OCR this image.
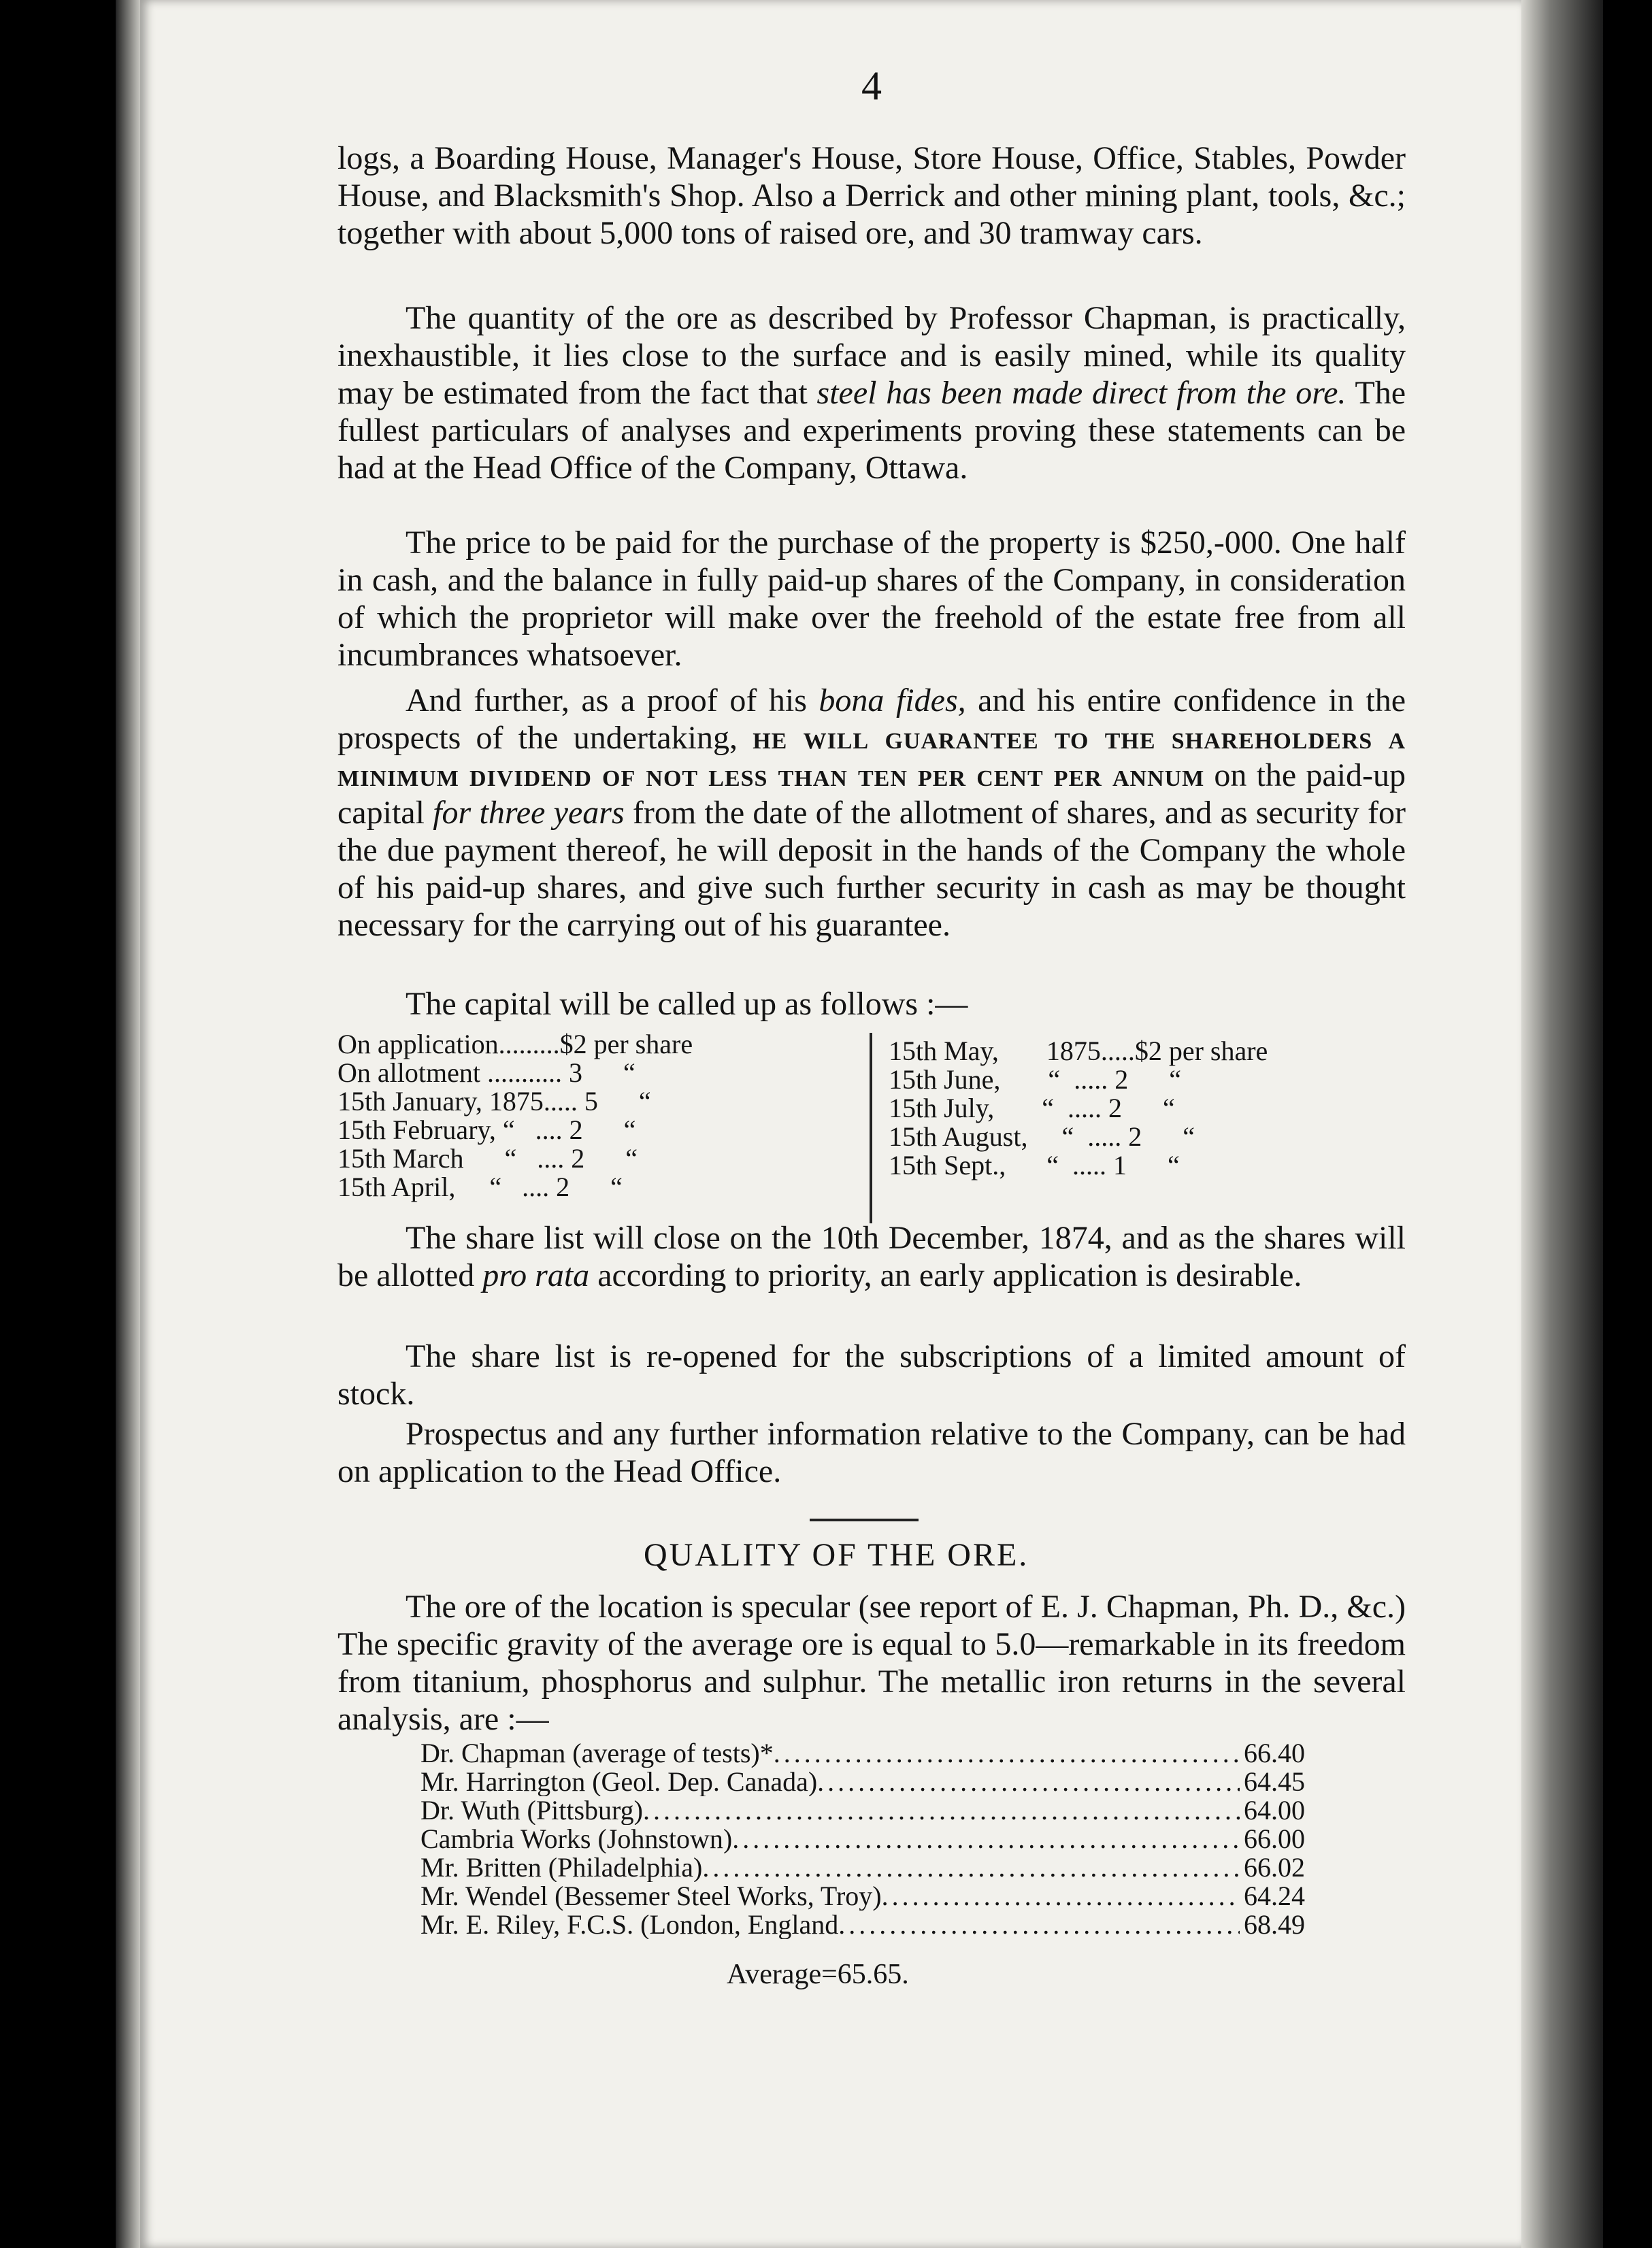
4
logs, a Boarding House, Manager's House, Store House, Office, Stables, Powder House, and Blacksmith's Shop. Also a Derrick and other mining plant, tools, &c.; together with about 5,000 tons of raised ore, and 30 tramway cars.
The quantity of the ore as described by Professor Chapman, is practically, inexhaustible, it lies close to the surface and is easily mined, while its quality may be estimated from the fact that steel has been made direct from the ore. The fullest particulars of analyses and experiments proving these statements can be had at the Head Office of the Company, Ottawa.
The price to be paid for the purchase of the property is $250,-000. One half in cash, and the balance in fully paid-up shares of the Company, in consideration of which the proprietor will make over the freehold of the estate free from all incumbrances whatsoever.
And further, as a proof of his bona fides, and his entire confidence in the prospects of the undertaking, he will guarantee to the shareholders a minimum dividend of not less than ten per cent per annum on the paid-up capital for three years from the date of the allotment of shares, and as security for the due payment thereof, he will deposit in the hands of the Company the whole of his paid-up shares, and give such further security in cash as may be thought necessary for the carrying out of his guarantee.
The capital will be called up as follows :—
On application.........$2 per share
On allotment ........... 3      “
15th January, 1875..... 5      “
15th February, “   .... 2      “
15th March      “   .... 2      “
15th April,     “   .... 2      “
15th May,       1875.....$2 per share
15th June,       “  ..... 2      “
15th July,       “  ..... 2      “
15th August,     “  ..... 2      “
15th Sept.,      “  ..... 1      “
The share list will close on the 10th December, 1874, and as the shares will be allotted pro rata according to priority, an early application is desirable.
The share list is re-opened for the subscriptions of a limited amount of stock.
Prospectus and any further information relative to the Company, can be had on application to the Head Office.
QUALITY OF THE ORE.
The ore of the location is specular (see report of E. J. Chapman, Ph. D., &c.) The specific gravity of the average ore is equal to 5.0—remarkable in its freedom from titanium, phosphorus and sulphur. The metallic iron returns in the several analysis, are :—
Dr. Chapman (average of tests)* .....	66.40
Mr. Harrington (Geol. Dep. Canada) .....	64.45
Dr. Wuth (Pittsburg) .....	64.00
Cambria Works (Johnstown) .....	66.00
Mr. Britten (Philadelphia) .....	66.02
Mr. Wendel (Bessemer Steel Works, Troy) .....	64.24
Mr. E. Riley, F.C.S. (London, England .....	68.49
Average=65.65.
